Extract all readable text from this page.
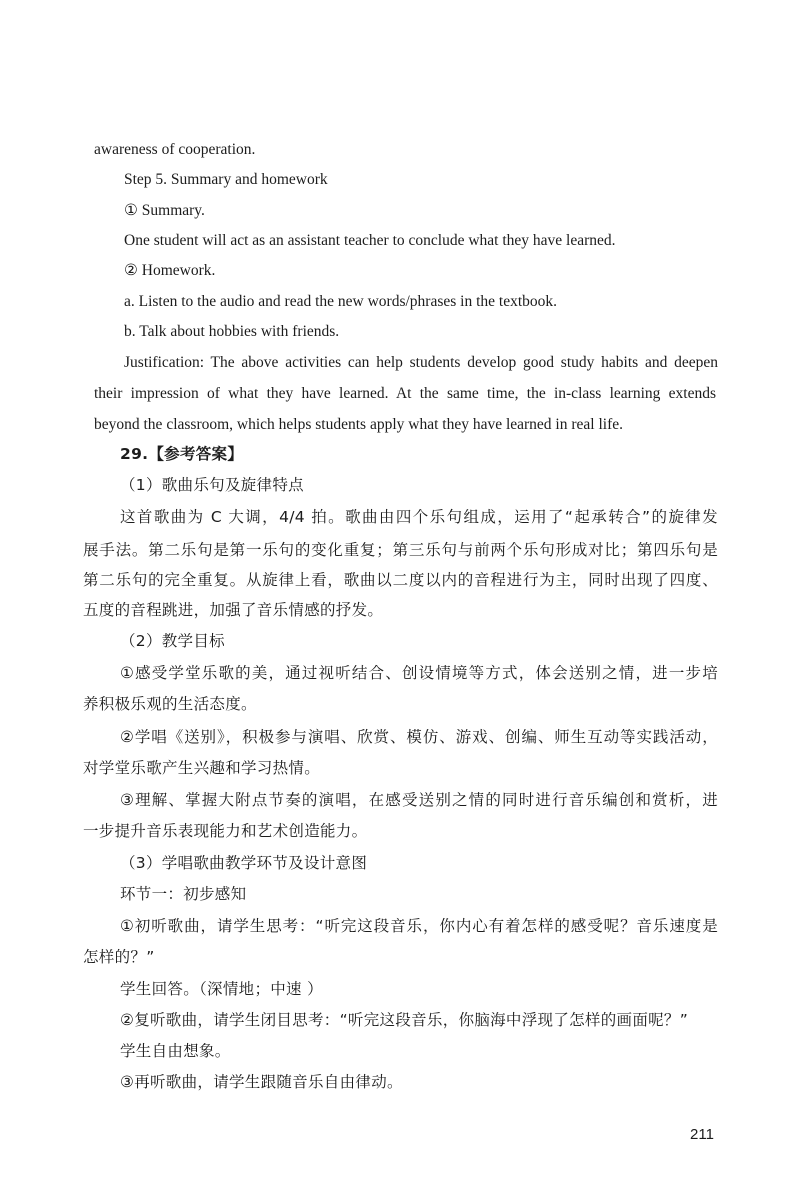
awareness of cooperation.
Step 5. Summary and homework
① Summary.
One student will act as an assistant teacher to conclude what they have learned.
② Homework.
a. Listen to the audio and read the new words/phrases in the textbook.
b. Talk about hobbies with friends.
Justification: The above activities can help students develop good study habits and deepen
their impression of what they have learned. At the same time, the in-class learning extends
beyond the classroom, which helps students apply what they have learned in real life.
29.【参考答案】
（1）歌曲乐句及旋律特点
这首歌曲为 C 大调，4/4 拍。歌曲由四个乐句组成，运用了“起承转合”的旋律发
展手法。第二乐句是第一乐句的变化重复；第三乐句与前两个乐句形成对比；第四乐句是
第二乐句的完全重复。从旋律上看，歌曲以二度以内的音程进行为主，同时出现了四度、
五度的音程跳进，加强了音乐情感的抒发。
（2）教学目标
①感受学堂乐歌的美，通过视听结合、创设情境等方式，体会送别之情，进一步培
养积极乐观的生活态度。
②学唱《送别》，积极参与演唱、欣赏、模仿、游戏、创编、师生互动等实践活动，
对学堂乐歌产生兴趣和学习热情。
③理解、掌握大附点节奏的演唱，在感受送别之情的同时进行音乐编创和赏析，进
一步提升音乐表现能力和艺术创造能力。
（3）学唱歌曲教学环节及设计意图
环节一：初步感知
①初听歌曲，请学生思考：“听完这段音乐，你内心有着怎样的感受呢？音乐速度是
怎样的？”
学生回答。（深情地；中速 ）
②复听歌曲，请学生闭目思考：“听完这段音乐，你脑海中浮现了怎样的画面呢？”
学生自由想象。
③再听歌曲，请学生跟随音乐自由律动。
211
